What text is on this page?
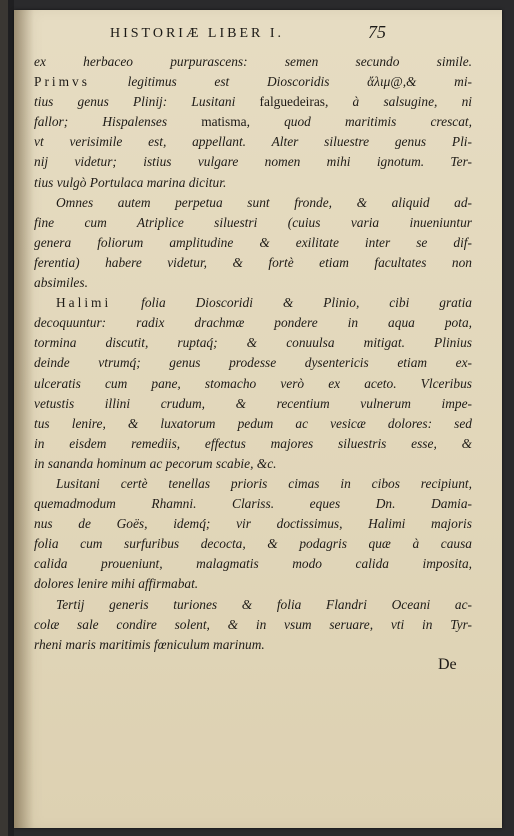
HISTORIÆ LIBER I.	75
ex herbaceo purpurascens: semen secundo simile.
Primvs legitimus est Dioscoridis ἄλιμ@,& mi-
tius genus Plinij: Lusitani falguedeiras, à salsugine, ni
fallor; Hispalenses matisma, quod maritimis crescat,
vt verisimile est, appellant. Alter siluestre genus Pli-
nij videtur; istius vulgare nomen mihi ignotum. Ter-
tius vulgò Portulaca marina dicitur.
Omnes autem perpetua sunt fronde, & aliquid ad-
fine cum Atriplice siluestri (cuius varia inueniuntur
genera foliorum amplitudine & exilitate inter se dif-
ferentia) habere videtur, & fortè etiam facultates non
absimiles.
Halimi folia Dioscoridi & Plinio, cibi gratia
decoquuntur: radix drachmæ pondere in aqua pota,
tormina discutit, ruptaq́; & conuulsa mitigat. Plinius
deinde vtrumq́; genus prodesse dysentericis etiam ex-
ulceratis cum pane, stomacho verò ex aceto. Vlceribus
vetustis illini crudum, & recentium vulnerum impe-
tus lenire, & luxatorum pedum ac vesicæ dolores: sed
in eisdem remediis, effectus majores siluestris esse, &
in sananda hominum ac pecorum scabie, &c.
Lusitani certè tenellas prioris cimas in cibos recipiunt,
quemadmodum Rhamni. Clariss. eques Dn. Damia-
nus de Goës, idemq́; vir doctissimus, Halimi majoris
folia cum surfuribus decocta, & podagris quæ à causa
calida proueniunt, malagmatis modo calida imposita,
dolores lenire mihi affirmabat.
Tertij generis turiones & folia Flandri Oceani ac-
colæ sale condire solent, & in vsum seruare, vti in Tyr-
rheni maris maritimis fœniculum marinum.
De
